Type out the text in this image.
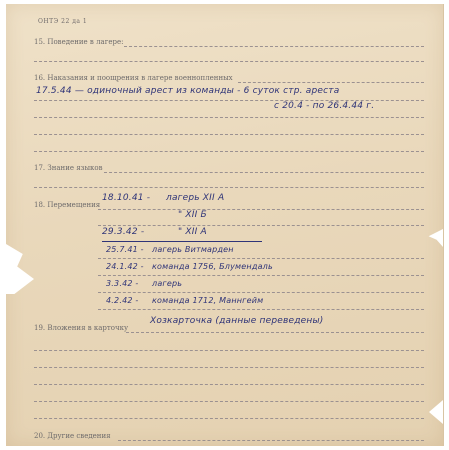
ОНТЭ 22 да 1
15. Поведение в лагере:
16. Наказания и поощрения в лагере военнопленных
17.5.44 — одиночный арест из команды - 6 суток стр. ареста
с 20.4 - по 26.4.44 г.
17. Знание языков
18. Перемещения
18.10.41 - лагерь XII A
" XII Б
29.3.42 -	" XII A
25.7.41 - лагерь Витмарден
24.1.42 - команда 1756, Блумендаль
3.3.42 - лагерь
4.2.42 - команда 1712, Маннгейм
19. Вложения в карточку
Хозкарточка (данные переведены)
20. Другие сведения
